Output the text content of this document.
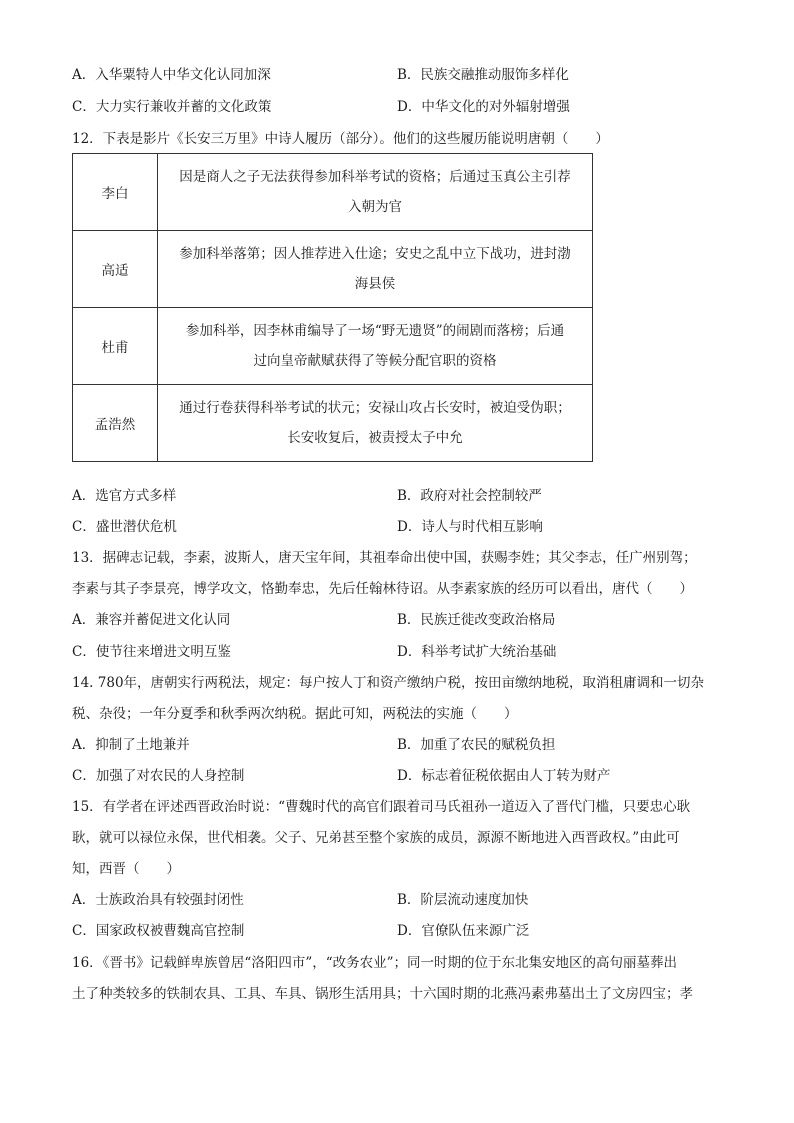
A．入华粟特人中华文化认同加深	B．民族交融推动服饰多样化
C．大力实行兼收并蓄的文化政策	D．中华文化的对外辐射增强
12．下表是影片《长安三万里》中诗人履历（部分）。他们的这些履历能说明唐朝（　　）
李白	因是商人之子无法获得参加科举考试的资格；后通过玉真公主引荐
入朝为官

高适	参加科举落第；因人推荐进入仕途；安史之乱中立下战功，进封渤
海县侯

杜甫	参加科举，因李林甫编导了一场“野无遗贤”的闹剧而落榜；后通
过向皇帝献赋获得了等候分配官职的资格

孟浩然	通过行卷获得科举考试的状元；安禄山攻占长安时，被迫受伪职；
长安收复后，被责授太子中允
A．选官方式多样	B．政府对社会控制较严
C．盛世潜伏危机	D．诗人与时代相互影响
13．据碑志记载，李素，波斯人，唐天宝年间，其祖奉命出使中国，获赐李姓；其父李志，任广州别驾；
李素与其子李景亮，博学攻文，恪勤奉忠，先后任翰林待诏。从李素家族的经历可以看出，唐代（　　）
A．兼容并蓄促进文化认同	B．民族迁徙改变政治格局
C．使节往来增进文明互鉴	D．科举考试扩大统治基础
14. 780年，唐朝实行两税法，规定：每户按人丁和资产缴纳户税，按田亩缴纳地税，取消租庸调和一切杂
税、杂役；一年分夏季和秋季两次纳税。据此可知，两税法的实施（　　）
A．抑制了土地兼并	B．加重了农民的赋税负担
C．加强了对农民的人身控制	D．标志着征税依据由人丁转为财产
15．有学者在评述西晋政治时说：“曹魏时代的高官们跟着司马氏祖孙一道迈入了晋代门槛，只要忠心耿
耿，就可以禄位永保，世代相袭。父子、兄弟甚至整个家族的成员，源源不断地进入西晋政权。”由此可
知，西晋（　　）
A．士族政治具有较强封闭性	B．阶层流动速度加快
C．国家政权被曹魏高官控制	D．官僚队伍来源广泛
16．《晋书》记载鲜卑族曾居“洛阳四市”，“改务农业”；同一时期的位于东北集安地区的高句丽墓葬出
土了种类较多的铁制农具、工具、车具、锅形生活用具；十六国时期的北燕冯素弗墓出土了文房四宝；孝
